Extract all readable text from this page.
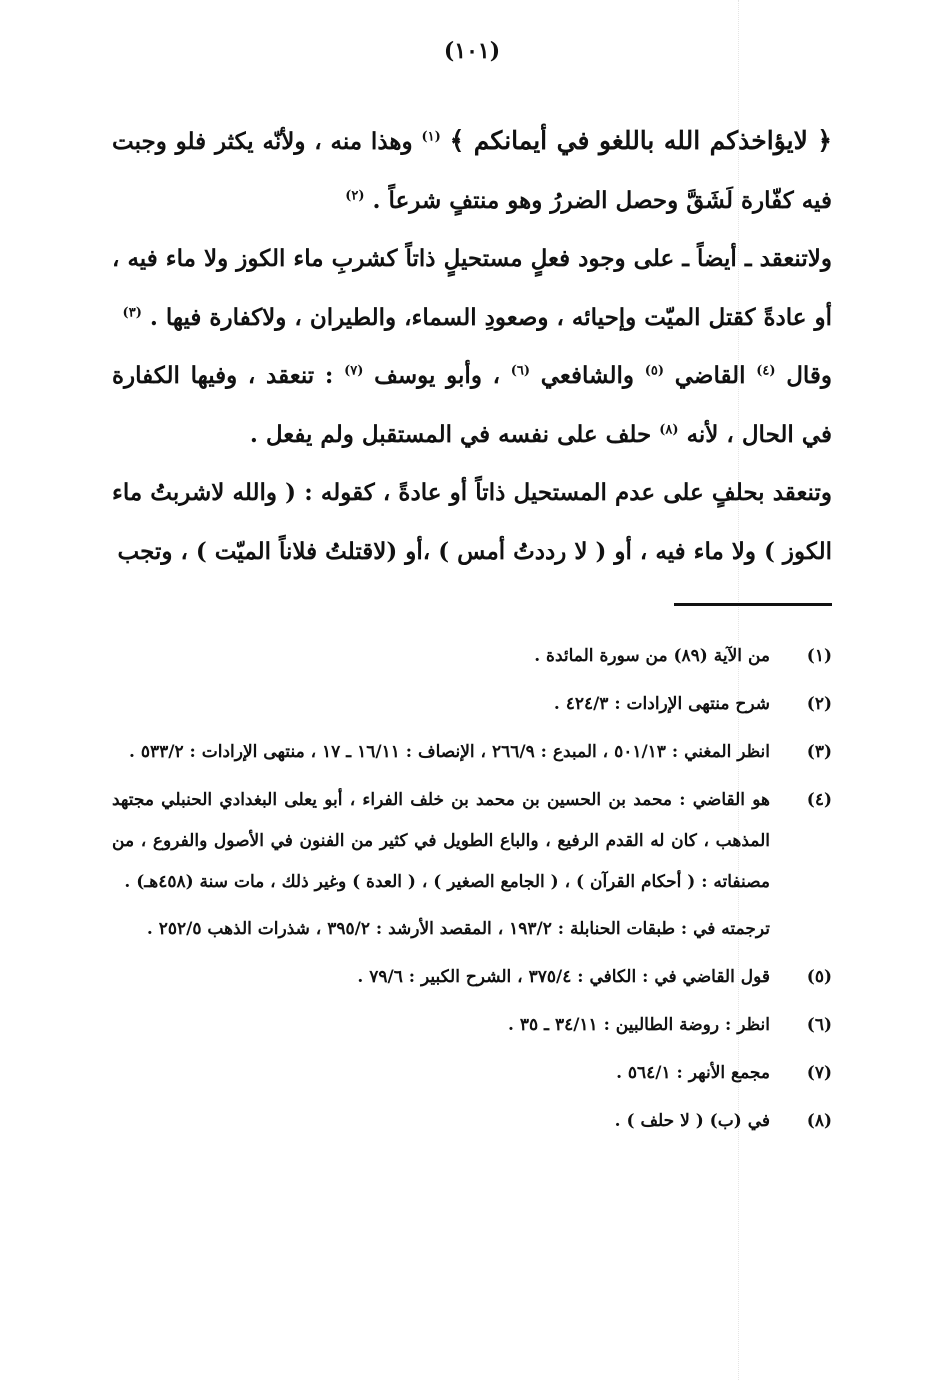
(١٠١)

﴿ لايؤاخذكم الله باللغو في أيمانكم ﴾ $^{(١)}$ وهذا منه ، ولأنّه يكثر فلو وجبت فيه كفّارة لَشَقَّ وحصل الضررُ وهو منتفٍ شرعاً . $^{(٢)}$

ولاتنعقد ـ أيضاً ـ على وجود فعلٍ مستحيلٍ ذاتاً كشربِ ماء الكوز ولا ماء فيه ، أو عادةً كقتل الميّت وإحيائه ، وصعودِ السماء، والطيران ، ولاكفارة فيها . $^{(٣)}$

وقال $^{(٤)}$ القاضي $^{(٥)}$ والشافعي $^{(٦)}$ ، وأبو يوسف $^{(٧)}$ : تنعقد ، وفيها الكفارة في الحال ، لأنه $^{(٨)}$ حلف على نفسه في المستقبل ولم يفعل .

وتنعقد بحلفٍ على عدم المستحيل ذاتاً أو عادةً ، كقوله : ( والله لاشربتُ ماء الكوز ) ولا ماء فيه ، أو ( لا رددتُ أمس ) ،أو (لاقتلتُ فلاناً الميّت ) ، وتجب

(١)

من الآية (٨٩) من سورة المائدة .

(٢)

شرح منتهى الإرادات : ٤٢٤/٣ .

(٣)

انظر المغني : ٥٠١/١٣ ، المبدع : ٢٦٦/٩ ، الإنصاف : ١٦/١١ ـ ١٧ ، منتهى الإرادات : ٥٣٣/٢ .

(٤)

هو القاضي : محمد بن الحسين بن محمد بن خلف الفراء ، أبو يعلى البغدادي الحنبلي مجتهد المذهب ، كان له القدم الرفيع ، والباع الطويل في كثير من الفنون في الأصول والفروع ، من مصنفاته : ( أحكام القرآن ) ، ( الجامع الصغير ) ، ( العدة ) وغير ذلك ، مات سنة (٤٥٨هـ) .

ترجمته في : طبقات الحنابلة : ١٩٣/٢ ، المقصد الأرشد : ٣٩٥/٢ ، شذرات الذهب ٢٥٢/٥ .

(٥)

قول القاضي في : الكافي : ٣٧٥/٤ ، الشرح الكبير : ٧٩/٦ .

(٦)

انظر : روضة الطالبين : ٣٤/١١ ـ ٣٥ .

(٧)

مجمع الأنهر : ٥٦٤/١ .

(٨)

في (ب) ( لا حلف ) .
